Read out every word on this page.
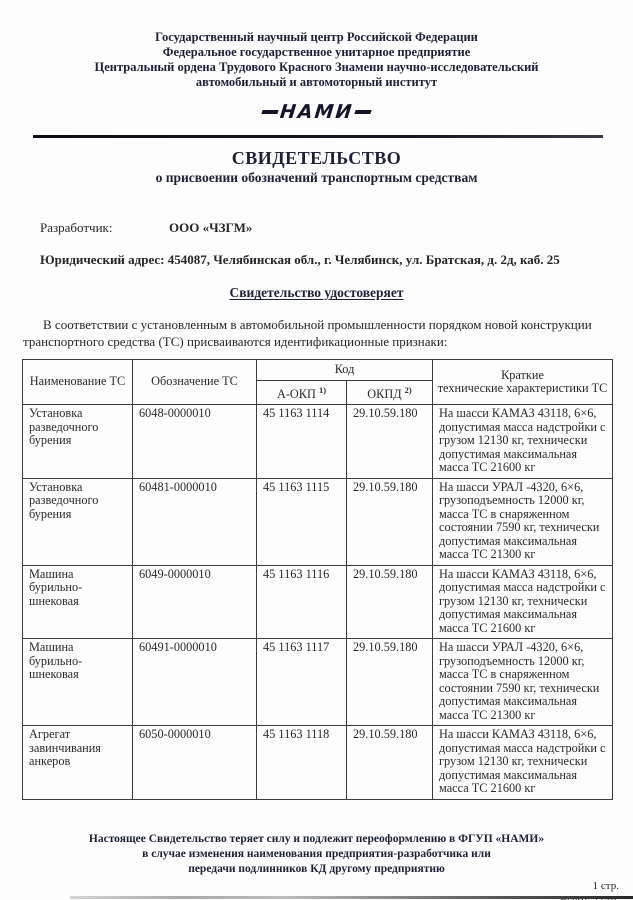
Государственный научный центр Российской Федерации
Федеральное государственное унитарное предприятие
Центральный ордена Трудового Красного Знамени научно-исследовательский
автомобильный и автомоторный институт
НАМИ
СВИДЕТЕЛЬСТВО
о присвоении обозначений транспортным средствам
Разработчик:	ООО «ЧЗГМ»
Юридический адрес: 454087, Челябинская обл., г. Челябинск, ул. Братская, д. 2д, каб. 25
Свидетельство удостоверяет

В соответствии с установленным в автомобильной промышленности порядком новой конструкции транспортного средства (ТС) присваиваются идентификационные признаки:

Наименование ТС	Обозначение ТС	Код		Краткие
технические характеристики ТС
		А-ОКП $^{1)}$	ОКПД $^{2)}$
Установка разведочного бурения	6048-0000010	45 1163 1114	29.10.59.180	На шасси КАМАЗ 43118, 6×6, допустимая масса надстройки с грузом 12130 кг, технически допустимая максимальная масса ТС 21600 кг
Установка разведочного бурения	60481-0000010	45 1163 1115	29.10.59.180	На шасси УРАЛ -4320, 6×6, грузоподъемность 12000 кг, масса ТС в снаряженном состоянии 7590 кг, технически допустимая максимальная масса ТС 21300 кг
Машина бурильно-шнековая	6049-0000010	45 1163 1116	29.10.59.180	На шасси КАМАЗ 43118, 6×6, допустимая масса надстройки с грузом 12130 кг, технически допустимая максимальная масса ТС 21600 кг
Машина бурильно-шнековая	60491-0000010	45 1163 1117	29.10.59.180	На шасси УРАЛ -4320, 6×6, грузоподъемность 12000 кг, масса ТС в снаряженном состоянии 7590 кг, технически допустимая максимальная масса ТС 21300 кг
Агрегат завинчивания анкеров	6050-0000010	45 1163 1118	29.10.59.180	На шасси КАМАЗ 43118, 6×6, допустимая масса надстройки с грузом 12130 кг, технически допустимая максимальная масса ТС 21600 кг
Настоящее Свидетельство теряет силу и подлежит переоформлению в ФГУП «НАМИ»
в случае изменения наименования предприятия-разработчика или
передачи подлинников КД другому предприятию
1 стр.
